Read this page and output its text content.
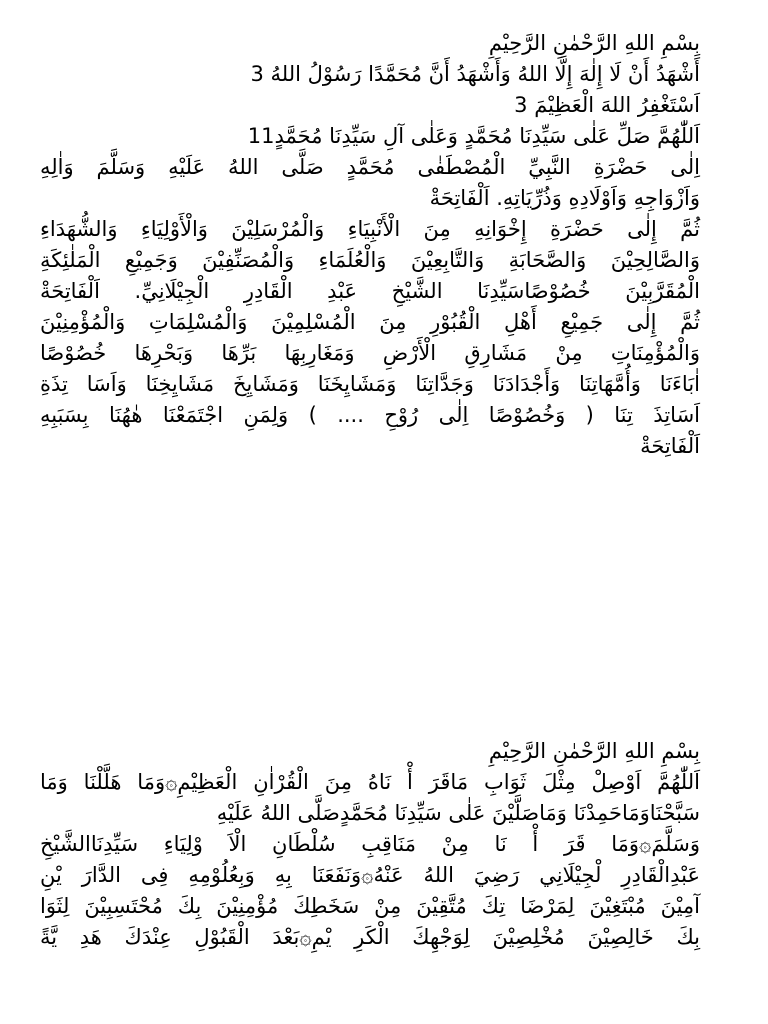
بِسْمِ اللهِ الرَّحْمٰنِ الرَّحِيْمِ
أَشْهَدُ أَنْ لَا إِلٰهَ إِلَّا اللهُ وَأَشْهَدُ أَنَّ مُحَمَّدًا رَسُوْلُ اللهُ 3
اَسْتَغْفِرُ اللهَ الْعَظِيْمَ 3
اَللّٰهُمَّ صَلِّ عَلٰى سَيِّدِنَا مُحَمَّدٍ وَعَلٰى آلِ سَيِّدِنَا مُحَمَّدٍ11
اِلٰى حَضْرَةِ النَّبِيِّ الْمُصْطَفٰى مُحَمَّدٍ صَلَّى اللهُ عَلَيْهِ وَسَلَّمَ وَاٰلِهِ
وَاَزْوَاجِهِ وَاَوْلَادِهِ وَذُرِّيَاتِهِ. اَلْفَاتِحَةْ
ثُمَّ إِلٰى حَضْرَةِ إِخْوَانِهِ مِنَ الْأَنْبِيَاءِ وَالْمُرْسَلِيْنَ وَالْأَوْلِيَاءِ وَالشُّهَدَاءِ
وَالصَّالِحِيْنَ وَالصَّحَابَةِ وَالتَّابِعِيْنَ وَالْعُلَمَاءِ وَالْمُصَنِّفِيْنَ وَجَمِيْعِ الْمَلٰئِكَةِ
الْمُقَرَّبِيْنَ خُصُوْصًاسَيِّدِنَا الشَّيْخِ عَبْدِ الْقَادِرِ الْجِيْلَانِيِّ. اَلْفَاتِحَةْ
ثُمَّ إِلٰى جَمِيْعِ أَهْلِ الْقُبُوْرِ مِنَ الْمُسْلِمِيْنَ وَالْمُسْلِمَاتِ وَالْمُؤْمِنِيْنَ
وَالْمُؤْمِنَاتِ مِنْ مَشَارِقِ الْأَرْضِ وَمَغَارِبِهَا بَرِّهَا وَبَحْرِهَا خُصُوْصًا
اٰبَاءَنَا وَأُمَّهَاتِنَا وَأَجْدَادَنَا وَجَدَّاتِنَا وَمَشَايِخَنَا وَمَشَايِخَ مَشَايِخِنَا وَاَسَا تِذَةِ
اَسَاتِذَ تِنَا ( وَخُصُوْصًا اِلٰى رُوْحِ .... ) وَلِمَنِ اجْتَمَعْنَا هٰهُنَا بِسَبَبِهِ
اَلْفَاتِحَةْ
بِسْمِ اللهِ الرَّحْمٰنِ الرَّحِيْمِ
اَللّٰهُمَّ اَوْصِلْ مِثْلَ ثَوَابِ مَاقَرَ أْ نَاهُ مِنَ الْقُرْاٰنِ الْعَظِيْمِ۞وَمَا هَلَّلْنَا وَمَا
سَبَّحْنَاوَمَاحَمِدْنَا وَمَاصَلَّيْنَ عَلٰى سَيِّدِنَا مُحَمَّدٍصَلَّى اللهُ عَلَيْهِ
وَسَلَّمَ۞وَمَا قَرَ أْ نَا مِنْ مَنَاقِبِ سُلْطَانِ الْاَ وْلِيَاءِ سَيِّدِنَاالشَّيْخِ
عَبْدِالْقَادِرِ لْجِيْلَانِي رَضِيَ اللهُ عَنْهُ۞وَنَفَعَنَا بِهِ وَبِعُلُوْمِهِ فِى الدَّارَ يْنِ
آمِيْنَ مُبْتَغِيْنَ لِمَرْضَا تِكَ مُتَّقِيْنَ مِنْ سَخَطِكَ مُؤْمِنِيْنَ بِكَ مُحْتَسِبِيْنَ لِثَوَا
بِكَ خَالِصِيْنَ مُخْلِصِيْنَ لِوَجْهِكَ الْكَرِ يْمِ۞بَعْدَ الْقَبُوْلِ عِنْدَكَ هَدِ يَّةً
